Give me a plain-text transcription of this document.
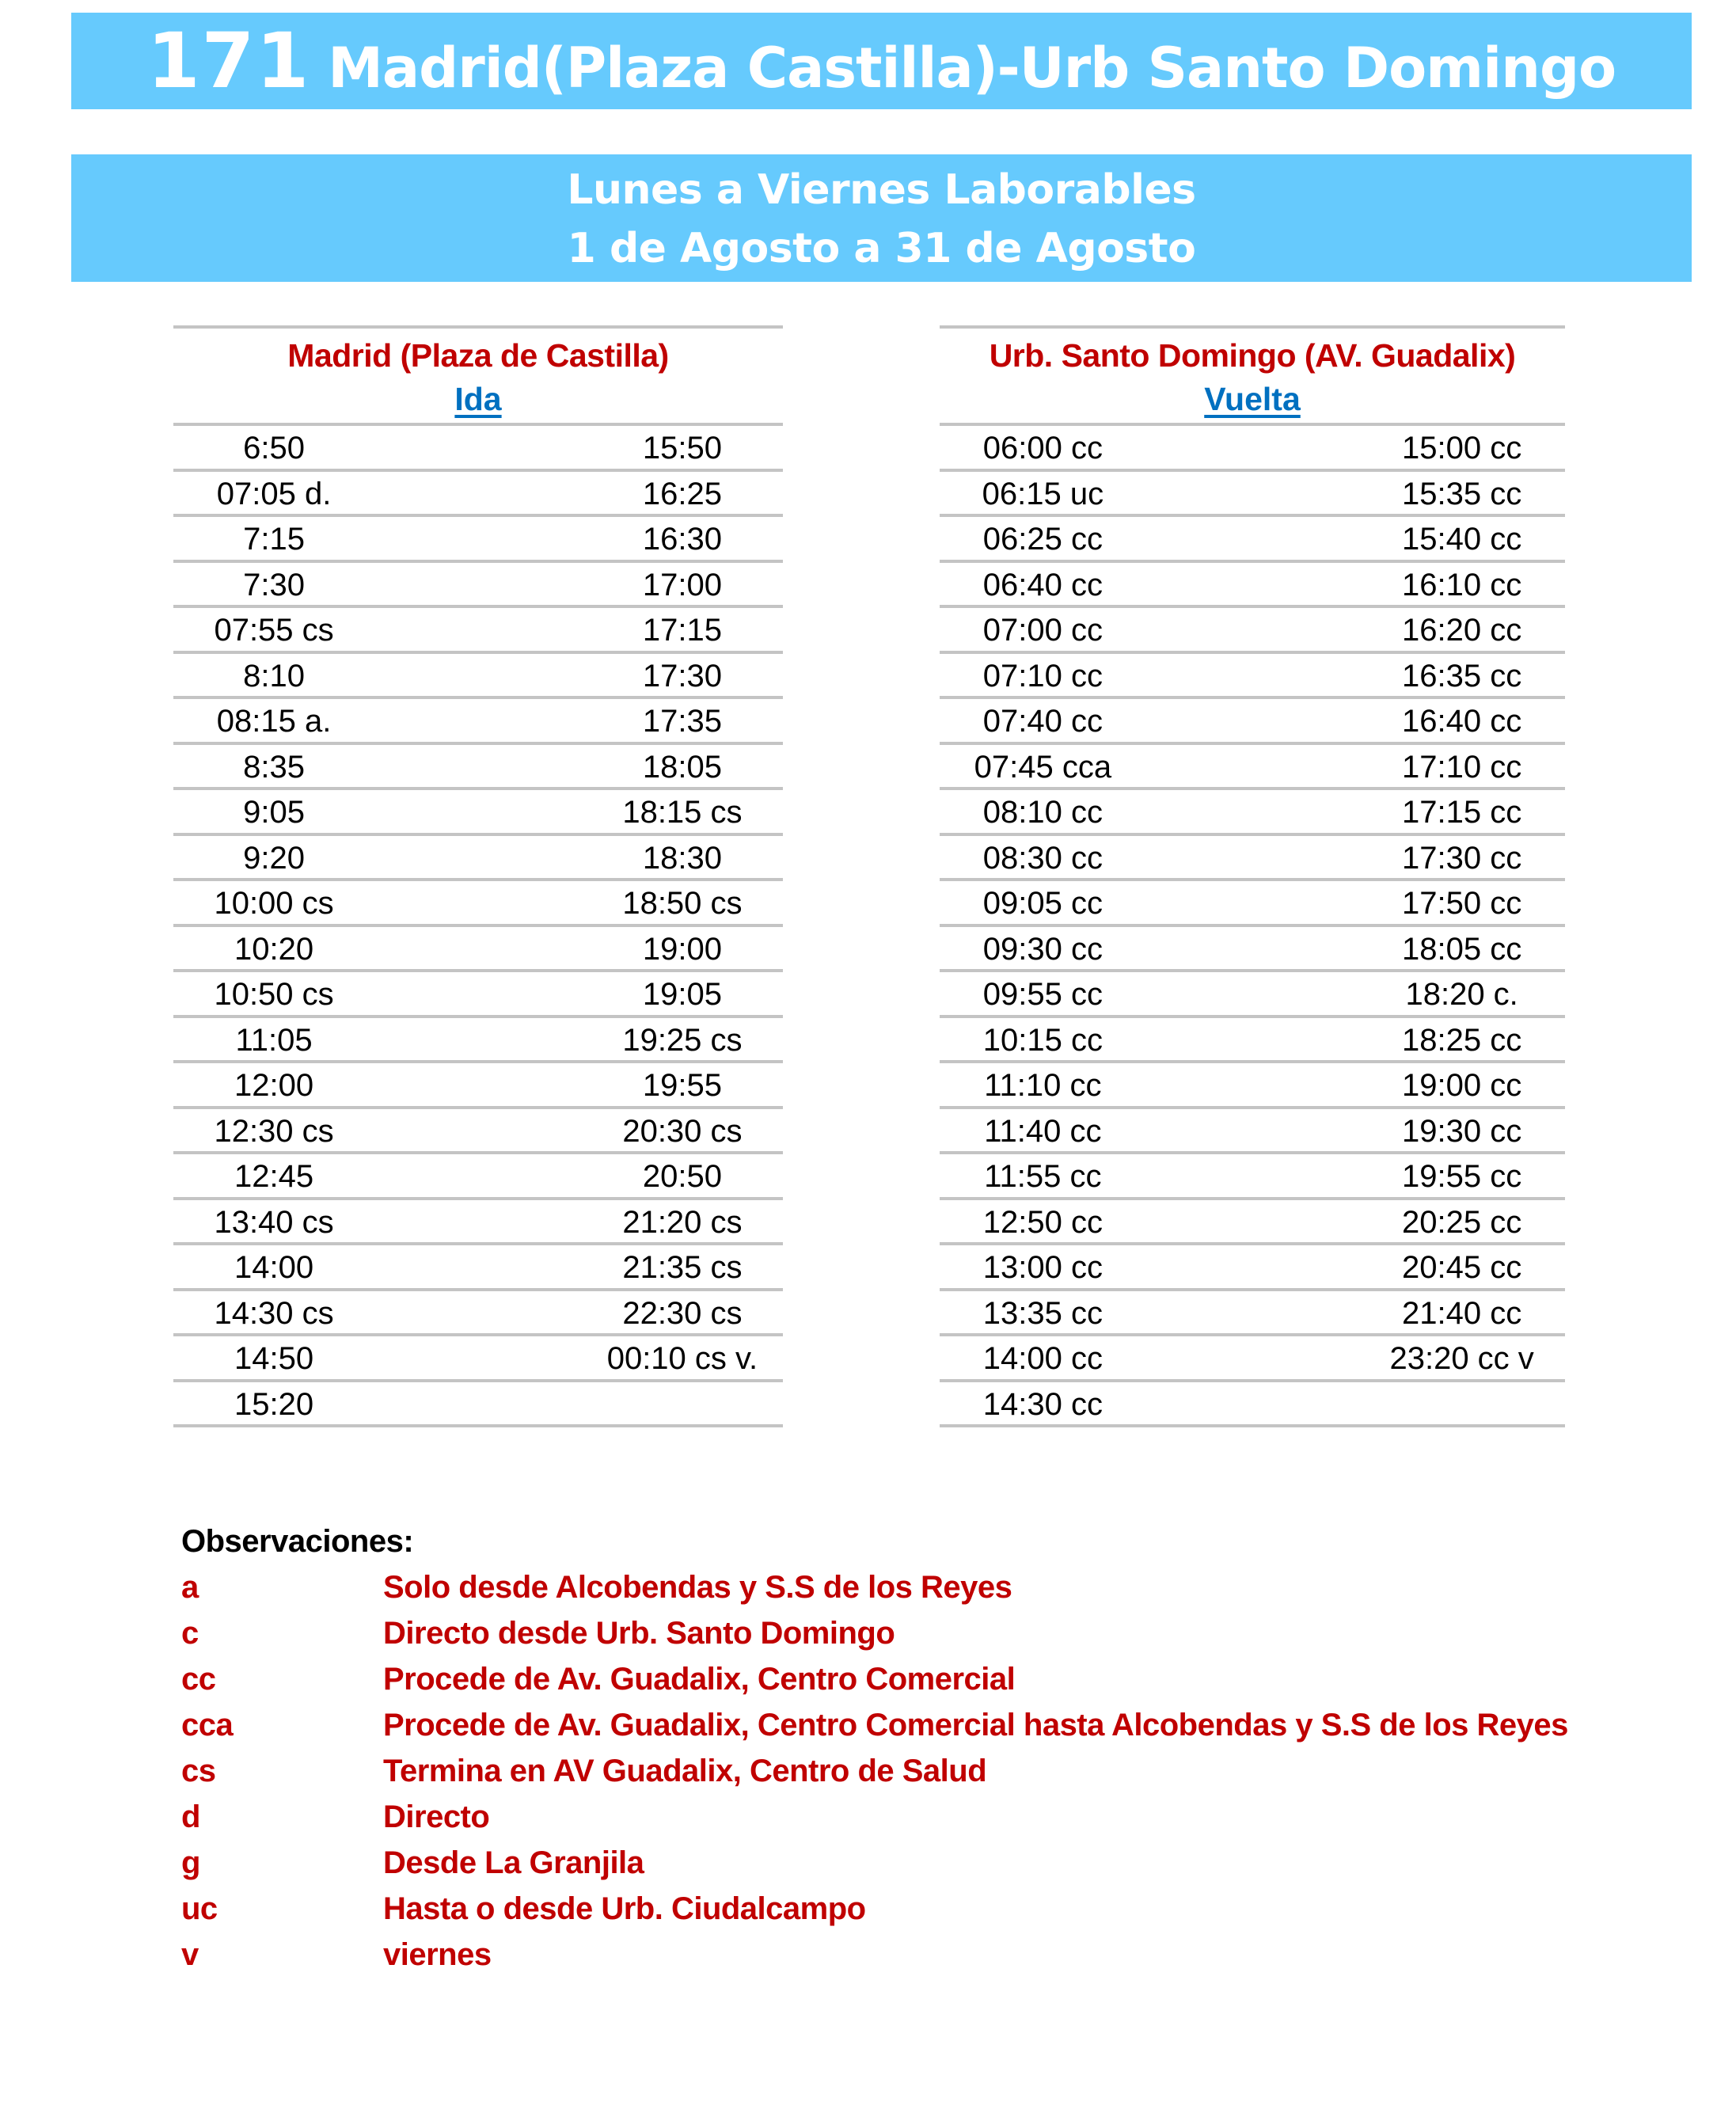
171 Madrid(Plaza Castilla)-Urb Santo Domingo
Lunes a Viernes Laborables
1 de Agosto a 31 de Agosto
Madrid (Plaza de Castilla)
Ida
6:50	15:50
07:05 d.	16:25
7:15	16:30
7:30	17:00
07:55 cs	17:15
8:10	17:30
08:15 a.	17:35
8:35	18:05
9:05	18:15 cs
9:20	18:30
10:00 cs	18:50 cs
10:20	19:00
10:50 cs	19:05
11:05	19:25 cs
12:00	19:55
12:30 cs	20:30 cs
12:45	20:50
13:40 cs	21:20 cs
14:00	21:35 cs
14:30 cs	22:30 cs
14:50	00:10 cs v.
15:20
Urb. Santo Domingo (AV. Guadalix)
Vuelta
06:00 cc	15:00 cc
06:15 uc	15:35 cc
06:25 cc	15:40 cc
06:40 cc	16:10 cc
07:00 cc	16:20 cc
07:10 cc	16:35 cc
07:40 cc	16:40 cc
07:45 cca	17:10 cc
08:10 cc	17:15 cc
08:30 cc	17:30 cc
09:05 cc	17:50 cc
09:30 cc	18:05 cc
09:55 cc	18:20 c.
10:15 cc	18:25 cc
11:10 cc	19:00 cc
11:40 cc	19:30 cc
11:55 cc	19:55 cc
12:50 cc	20:25 cc
13:00 cc	20:45 cc
13:35 cc	21:40 cc
14:00 cc	23:20 cc v
14:30 cc
Observaciones:
a	Solo desde Alcobendas y S.S de los Reyes
c	Directo desde Urb. Santo Domingo
cc	Procede de Av. Guadalix, Centro Comercial
cca	Procede de Av. Guadalix, Centro Comercial hasta Alcobendas y S.S de los Reyes
cs	Termina en AV Guadalix, Centro de Salud
d	Directo
g	Desde La Granjila
uc	Hasta o desde Urb. Ciudalcampo
v	viernes
